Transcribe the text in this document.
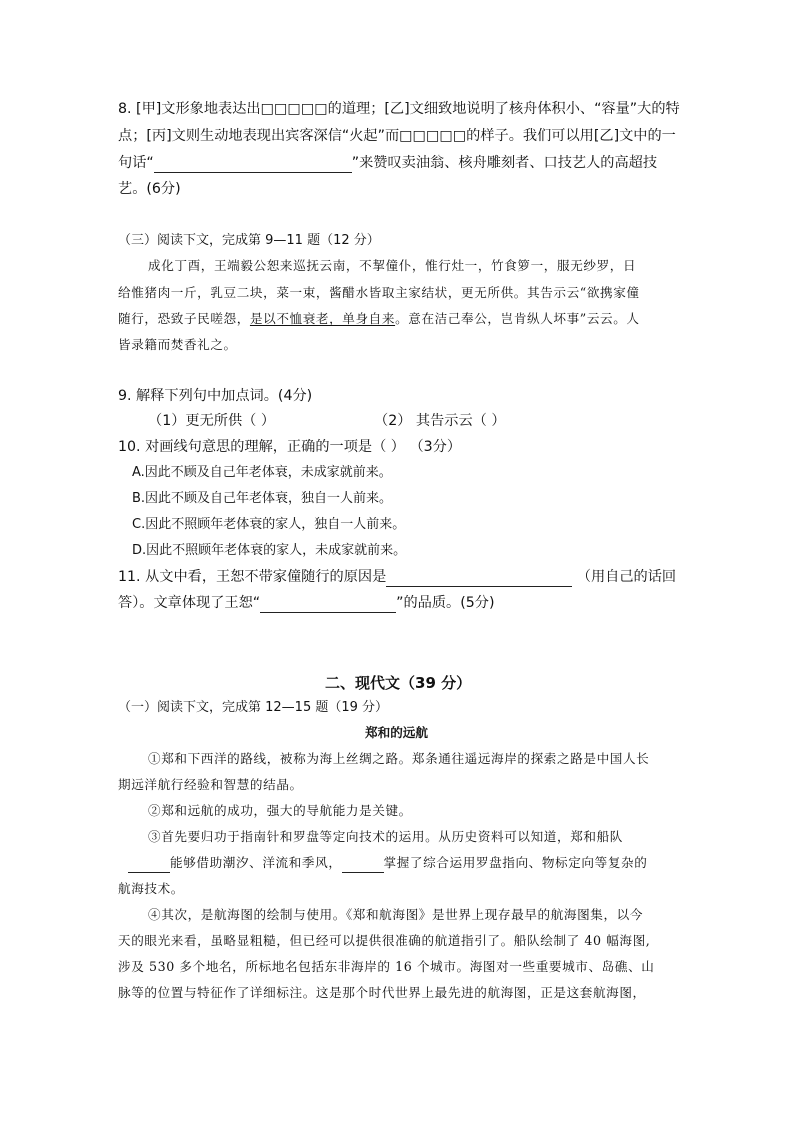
8. [甲]文形象地表达出□□□□□的道理；[乙]文细致地说明了核舟体积小、“容量”大的特
点；[丙]文则生动地表现出宾客深信“火起”而□□□□□的样子。我们可以用[乙]文中的一
句话“	”来赞叹卖油翁、核舟雕刻者、口技艺人的高超技
艺。(6分)
（三）阅读下文，完成第 9—11 题（12 分）
成化丁酉，王端毅公恕来巡抚云南，不挈僮仆，惟行灶一，竹食箩一，服无纱罗，日
给惟猪肉一斤，乳豆二块，菜一束，酱醋水皆取主家结状，更无所供。其告示云“欲携家僮
随行，恐致子民嗟怨，是以不恤衰老，单身自来。意在洁己奉公，岂肯纵人坏事”云云。人
皆录籍而焚香礼之。
9. 解释下列句中加点词。(4分)
（1）更无所供（ ）	（2） 其告示云（ ）
10. 对画线句意思的理解，正确的一项是（ ） （3分）
A.因此不顾及自己年老体衰，未成家就前来。
B.因此不顾及自己年老体衰，独自一人前来。
C.因此不照顾年老体衰的家人，独自一人前来。
D.因此不照顾年老体衰的家人，未成家就前来。
11. 从文中看，王恕不带家僮随行的原因是	（用自己的话回
答）。文章体现了王恕“	”的品质。(5分)
二、现代文（39 分）
（一）阅读下文，完成第 12—15 题（19 分）
郑和的远航
①郑和下西洋的路线，被称为海上丝绸之路。郑条通往遥远海岸的探索之路是中国人长
期远洋航行经验和智慧的结晶。
②郑和远航的成功，强大的导航能力是关键。
③首先要归功于指南针和罗盘等定向技术的运用。从历史资料可以知道，郑和船队
能够借助潮汐、洋流和季风，	掌握了综合运用罗盘指向、物标定向等复杂的
航海技术。
④其次，是航海图的绘制与使用。《郑和航海图》是世界上现存最早的航海图集，以今
天的眼光来看，虽略显粗糙，但已经可以提供很准确的航道指引了。船队绘制了 40 幅海图,
涉及 530 多个地名，所标地名包括东非海岸的 16 个城市。海图对一些重要城市、岛礁、山
脉等的位置与特征作了详细标注。这是那个时代世界上最先进的航海图，正是这套航海图，
